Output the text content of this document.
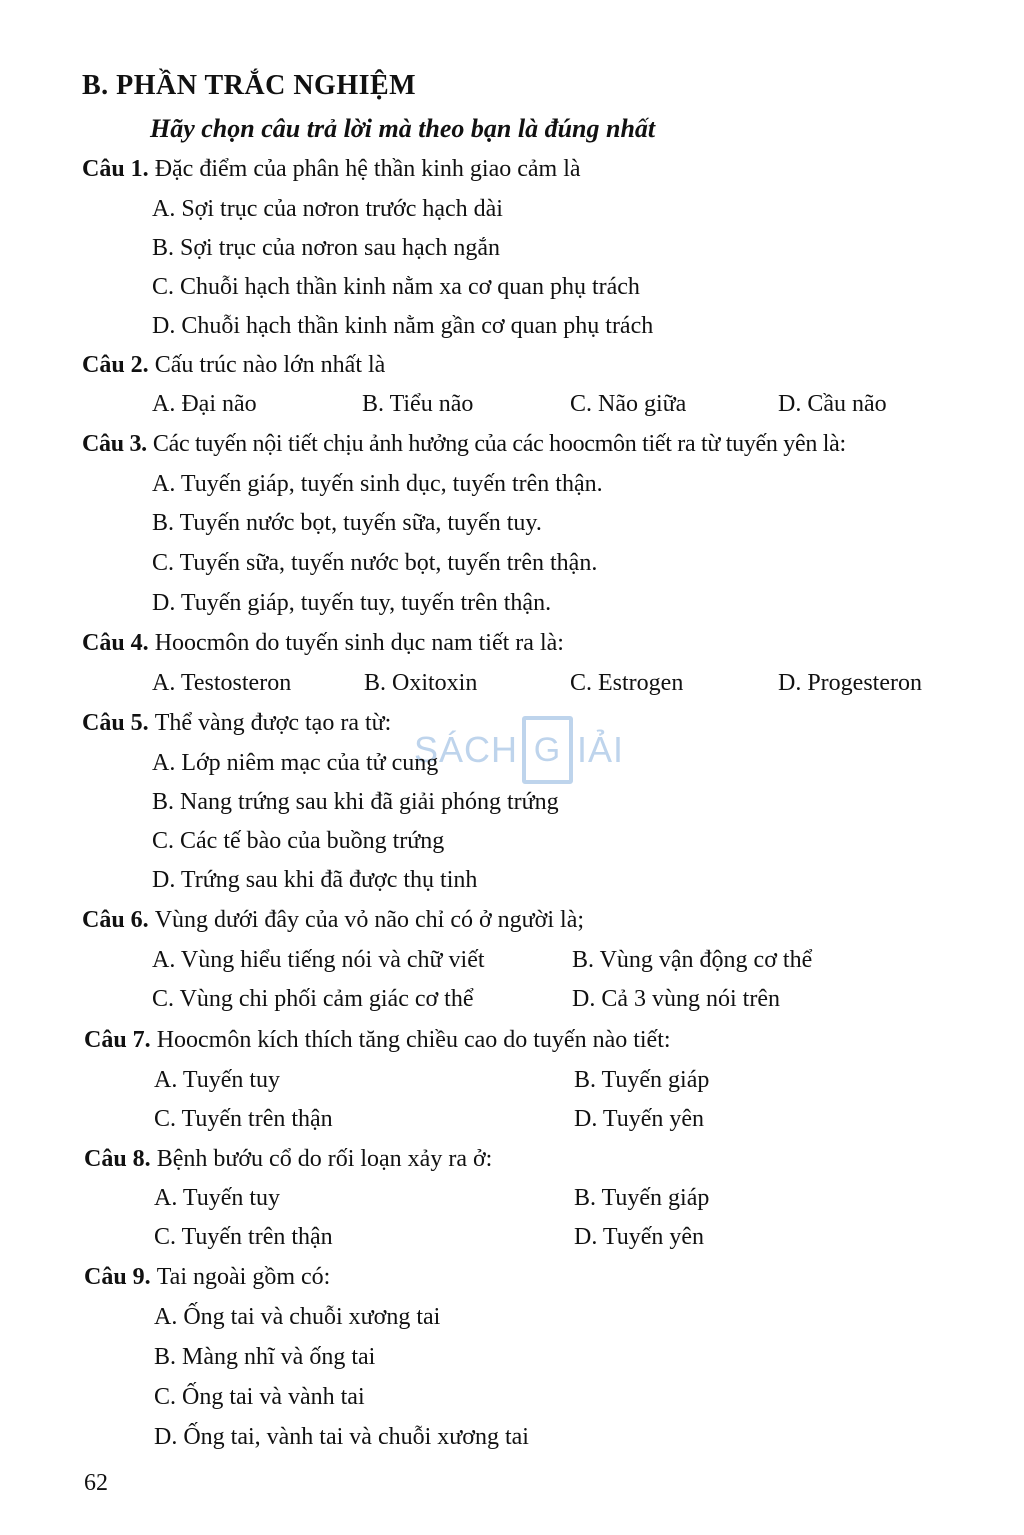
B. PHẦN TRẮC NGHIỆM
Hãy chọn câu trả lời mà theo bạn là đúng nhất
SÁCH G IẢI
Câu 1. Đặc điểm của phân hệ thần kinh giao cảm là
A. Sợi trục của nơron trước hạch dài
B. Sợi trục của nơron sau hạch ngắn
C. Chuỗi hạch thần kinh nằm xa cơ quan phụ trách
D. Chuỗi hạch thần kinh nằm gần cơ quan phụ trách
Câu 2. Cấu trúc nào lớn nhất là
A. Đại não	B. Tiểu não	C. Não giữa	D. Cầu não
Câu 3. Các tuyến nội tiết chịu ảnh hưởng của các hoocmôn tiết ra từ tuyến yên là:
A. Tuyến giáp, tuyến sinh dục, tuyến trên thận.
B. Tuyến nước bọt, tuyến sữa, tuyến tuy.
C. Tuyến sữa, tuyến nước bọt, tuyến trên thận.
D. Tuyến giáp, tuyến tuy, tuyến trên thận.
Câu 4. Hoocmôn do tuyến sinh dục nam tiết ra là:
A. Testosteron	B. Oxitoxin	C. Estrogen	D. Progesteron
Câu 5. Thể vàng được tạo ra từ:
A. Lớp niêm mạc của tử cung
B. Nang trứng sau khi đã giải phóng trứng
C. Các tế bào của buồng trứng
D. Trứng sau khi đã được thụ tinh
Câu 6. Vùng dưới đây của vỏ não chỉ có ở người là;
A. Vùng hiểu tiếng nói và chữ viết	B. Vùng vận động cơ thể
C. Vùng chi phối cảm giác cơ thể	D. Cả 3 vùng nói trên
Câu 7. Hoocmôn kích thích tăng chiều cao do tuyến nào tiết:
A. Tuyến tuy	B. Tuyến giáp
C. Tuyến trên thận	D. Tuyến yên
Câu 8. Bệnh bướu cổ do rối loạn xảy ra ở:
A. Tuyến tuy	B. Tuyến giáp
C. Tuyến trên thận	D. Tuyến yên
Câu 9. Tai ngoài gồm có:
A. Ống tai và chuỗi xương tai
B. Màng nhĩ và ống tai
C. Ống tai và vành tai
D. Ống tai, vành tai và chuỗi xương tai
62
